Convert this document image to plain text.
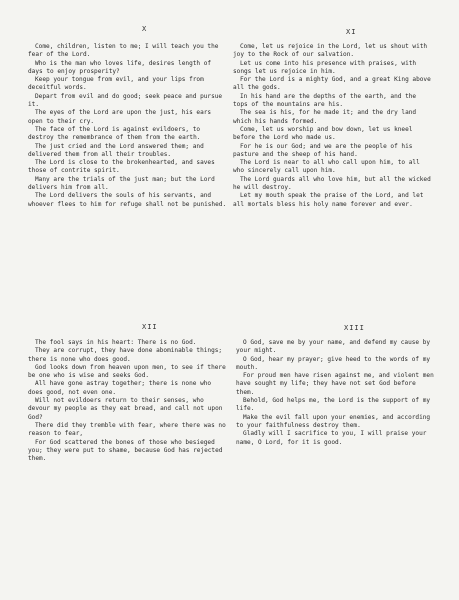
X	XI
XII	XIII

Come, children, listen to me; I will teach you the fear of the Lord.

Who is the man who loves life, desires length of days to enjoy prosperity?

Keep your tongue from evil, and your lips from deceitful words.

Depart from evil and do good; seek peace and pursue it.

The eyes of the Lord are upon the just, his ears open to their cry.

The face of the Lord is against evildoers, to destroy the remembrance of them from the earth.

The just cried and the Lord answered them; and delivered them from all their troubles.

The Lord is close to the brokenhearted, and saves those of contrite spirit.

Many are the trials of the just man; but the Lord delivers him from all.

The Lord delivers the souls of his servants, and whoever flees to him for refuge shall not be punished.

Come, let us rejoice in the Lord, let us shout with joy to the Rock of our salvation.

Let us come into his presence with praises, with songs let us rejoice in him.

For the Lord is a mighty God, and a great King above all the gods.

In his hand are the depths of the earth, and the tops of the mountains are his.

The sea is his, for he made it; and the dry land which his hands formed.

Come, let us worship and bow down, let us kneel before the Lord who made us.

For he is our God; and we are the people of his pasture and the sheep of his hand.

The Lord is near to all who call upon him, to all who sincerely call upon him.

The Lord guards all who love him, but all the wicked he will destroy.

Let my mouth speak the praise of the Lord, and let all mortals bless his holy name forever and ever.

The fool says in his heart: There is no God.

They are corrupt, they have done abominable things; there is none who does good.

God looks down from heaven upon men, to see if there be one who is wise and seeks God.

All have gone astray together; there is none who does good, not even one.

Will not evildoers return to their senses, who devour my people as they eat bread, and call not upon God?

There did they tremble with fear, where there was no reason to fear,

For God scattered the bones of those who besieged you; they were put to shame, because God has rejected them.

O God, save me by your name, and defend my cause by your might.

O God, hear my prayer; give heed to the words of my mouth.

For proud men have risen against me, and violent men have sought my life; they have not set God before them.

Behold, God helps me, the Lord is the support of my life.

Make the evil fall upon your enemies, and according to your faithfulness destroy them.

Gladly will I sacrifice to you, I will praise your name, O Lord, for it is good.
